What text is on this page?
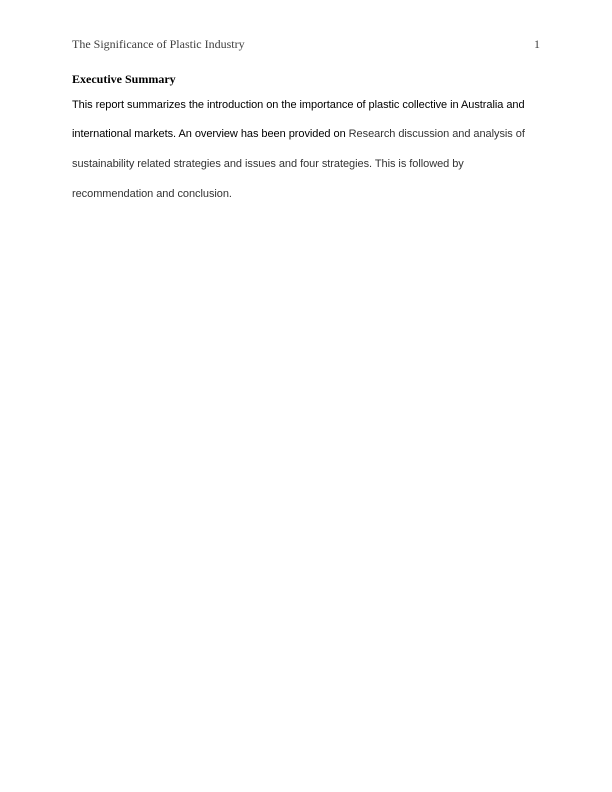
The Significance of Plastic Industry	1
Executive Summary
This report summarizes the introduction on the importance of plastic collective in Australia and
international markets. An overview has been provided on Research discussion and analysis of
sustainability related strategies and issues and four strategies. This is followed by
recommendation and conclusion.
